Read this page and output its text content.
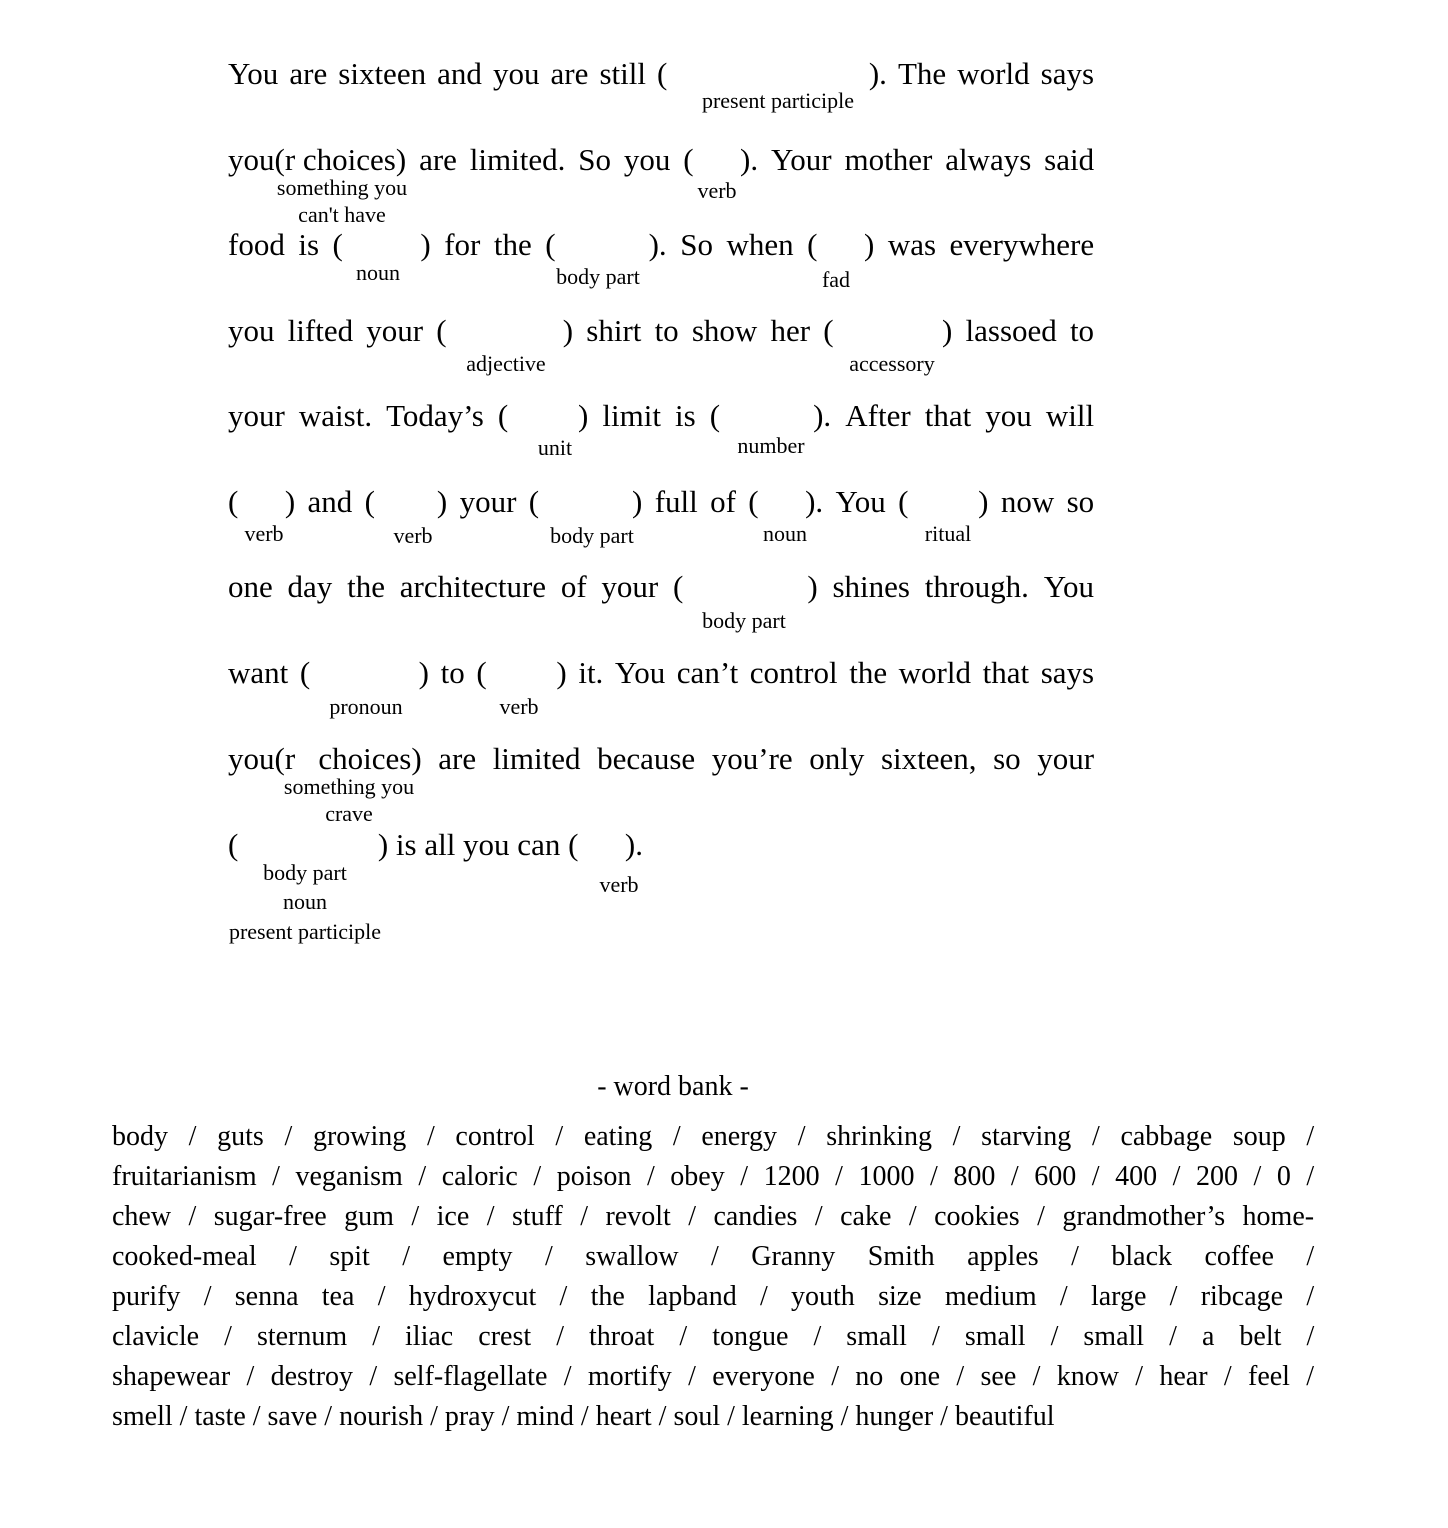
You are sixteen and you are still (                          ). The world says
you(r choices) are limited. So you (      ). Your mother always said
food is (          ) for the (            ). So when (      ) was everywhere
you lifted your (               ) shirt to show her (              ) lassoed to
your waist. Today’s (         ) limit is (            ). After that you will
(      ) and (        ) your (            ) full of (      ). You (         ) now so
one day the architecture of your (                ) shines through. You
want (              ) to (         ) it. You can’t control the world that says
you(r   choices) are limited because you’re only sixteen, so your
(                  ) is all you can (      ).
present participle
something you
can't have
verb
noun	body part	fad
adjective	accessory
unit	number
verb	verb	body part	noun	ritual
body part
pronoun	verb
something you
crave
body part
noun
present participle
verb
- word bank -
body / guts / growing / control / eating / energy / shrinking / starving / cabbage soup /
fruitarianism / veganism / caloric / poison / obey / 1200 / 1000 / 800 / 600 / 400 / 200 / 0 /
chew / sugar-free gum / ice / stuff / revolt / candies / cake / cookies / grandmother’s home-
cooked-meal / spit / empty / swallow / Granny Smith apples / black coffee /
purify / senna tea / hydroxycut / the lapband / youth size medium / large / ribcage /
clavicle / sternum / iliac crest / throat / tongue / small / small / small / a belt /
shapewear / destroy / self-flagellate / mortify / everyone / no one / see / know / hear / feel /
smell / taste / save / nourish / pray / mind / heart / soul / learning / hunger / beautiful
